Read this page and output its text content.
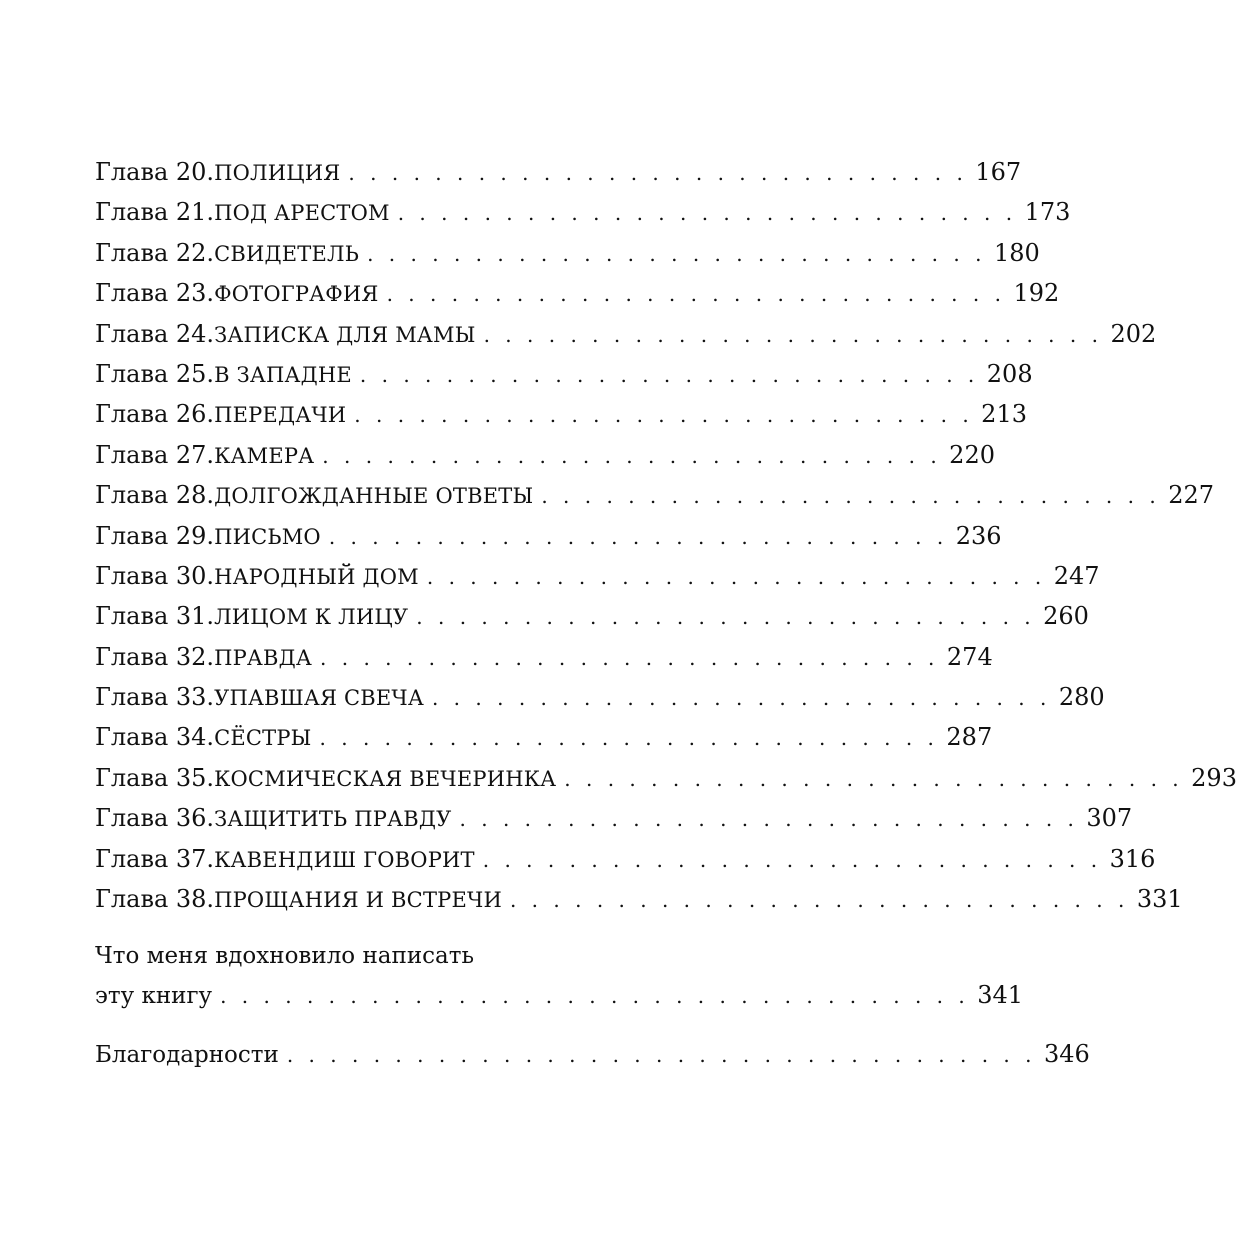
Глава 20. ПОЛИЦИЯ . . . . . . . . . . . . . . . . . . . . . . . . . . . . . 167
Глава 21. ПОД АРЕСТОМ . . . . . . . . . . . . . . . . . . . . . . . . . . . . . 173
Глава 22. СВИДЕТЕЛЬ . . . . . . . . . . . . . . . . . . . . . . . . . . . . . 180
Глава 23. ФОТОГРАФИЯ . . . . . . . . . . . . . . . . . . . . . . . . . . . . . 192
Глава 24. ЗАПИСКА ДЛЯ МАМЫ . . . . . . . . . . . . . . . . . . . . . . . . . . . . . 202
Глава 25. В ЗАПАДНЕ . . . . . . . . . . . . . . . . . . . . . . . . . . . . . 208
Глава 26. ПЕРЕДАЧИ . . . . . . . . . . . . . . . . . . . . . . . . . . . . . 213
Глава 27. КАМЕРА . . . . . . . . . . . . . . . . . . . . . . . . . . . . . 220
Глава 28. ДОЛГОЖДАННЫЕ ОТВЕТЫ . . . . . . . . . . . . . . . . . . . . . . . . . . . . . 227
Глава 29. ПИСЬМО . . . . . . . . . . . . . . . . . . . . . . . . . . . . . 236
Глава 30. НАРОДНЫЙ ДОМ . . . . . . . . . . . . . . . . . . . . . . . . . . . . . 247
Глава 31. ЛИЦОМ К ЛИЦУ . . . . . . . . . . . . . . . . . . . . . . . . . . . . . 260
Глава 32. ПРАВДА . . . . . . . . . . . . . . . . . . . . . . . . . . . . . 274
Глава 33. УПАВШАЯ СВЕЧА . . . . . . . . . . . . . . . . . . . . . . . . . . . . . 280
Глава 34. СЁСТРЫ . . . . . . . . . . . . . . . . . . . . . . . . . . . . . 287
Глава 35. КОСМИЧЕСКАЯ ВЕЧЕРИНКА . . . . . . . . . . . . . . . . . . . . . . . . . . . . . 293
Глава 36. ЗАЩИТИТЬ ПРАВДУ . . . . . . . . . . . . . . . . . . . . . . . . . . . . . 307
Глава 37. КАВЕНДИШ ГОВОРИТ . . . . . . . . . . . . . . . . . . . . . . . . . . . . . 316
Глава 38. ПРОЩАНИЯ И ВСТРЕЧИ . . . . . . . . . . . . . . . . . . . . . . . . . . . . . 331
Что меня вдохновило написать
эту книгу . . . . . . . . . . . . . . . . . . . . . . . . . . . . . . . . . . . 341
Благодарности . . . . . . . . . . . . . . . . . . . . . . . . . . . . . . . . . . . 346
